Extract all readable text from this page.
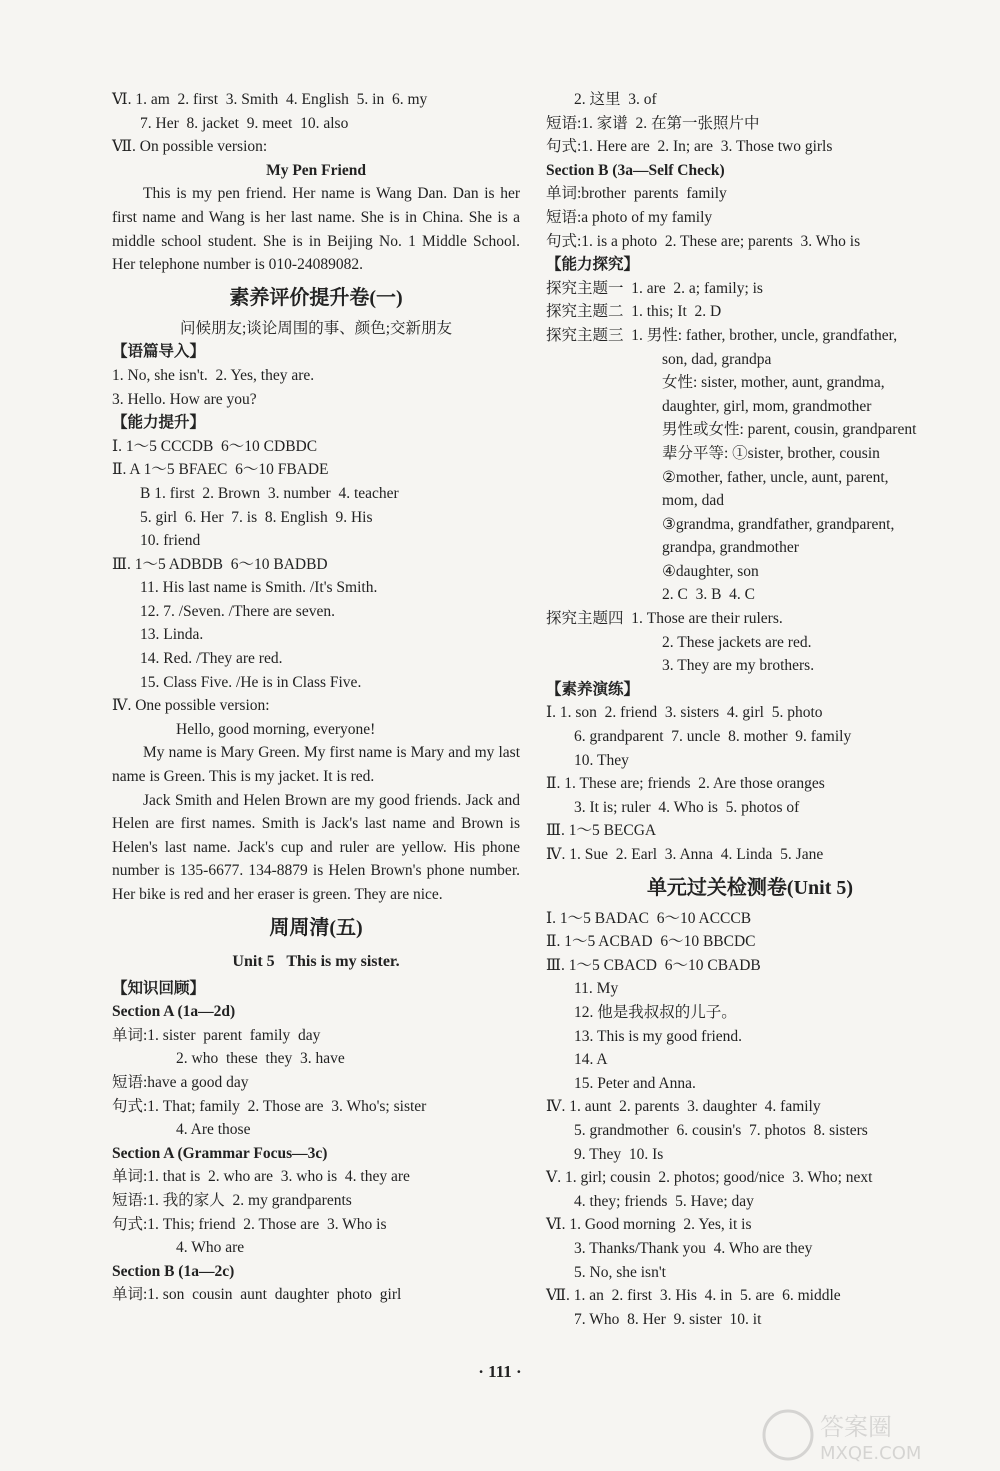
Ⅵ. 1. am  2. first  3. Smith  4. English  5. in  6. my
7. Her  8. jacket  9. meet  10. also
Ⅶ. On possible version:
My Pen Friend
This is my pen friend. Her name is Wang Dan. Dan is her first name and Wang is her last name. She is in China. She is a middle school student. She is in Beijing No. 1 Middle School. Her telephone number is 010-24089082.
素养评价提升卷(一)
问候朋友;谈论周围的事、颜色;交新朋友
【语篇导入】
1. No, she isn't.  2. Yes, they are.
3. Hello. How are you?
【能力提升】
Ⅰ. 1～5 CCCDB  6～10 CDBDC
Ⅱ. A 1～5 BFAEC  6～10 FBADE
B 1. first  2. Brown  3. number  4. teacher
5. girl  6. Her  7. is  8. English  9. His
10. friend
Ⅲ. 1～5 ADBDB  6～10 BADBD
11. His last name is Smith. /It's Smith.
12. 7. /Seven. /There are seven.
13. Linda.
14. Red. /They are red.
15. Class Five. /He is in Class Five.
Ⅳ. One possible version:
Hello, good morning, everyone!
My name is Mary Green. My first name is Mary and my last name is Green. This is my jacket. It is red.
Jack Smith and Helen Brown are my good friends. Jack and Helen are first names. Smith is Jack's last name and Brown is Helen's last name. Jack's cup and ruler are yellow. His phone number is 135-6677. 134-8879 is Helen Brown's phone number. Her bike is red and her eraser is green. They are nice.
周周清(五)
Unit 5   This is my sister.
【知识回顾】
Section A (1a—2d)
单词:1. sister  parent  family  day
2. who  these  they  3. have
短语:have a good day
句式:1. That; family  2. Those are  3. Who's; sister
4. Are those
Section A (Grammar Focus—3c)
单词:1. that is  2. who are  3. who is  4. they are
短语:1. 我的家人  2. my grandparents
句式:1. This; friend  2. Those are  3. Who is
4. Who are
Section B (1a—2c)
单词:1. son  cousin  aunt  daughter  photo  girl
2. 这里  3. of
短语:1. 家谱  2. 在第一张照片中
句式:1. Here are  2. In; are  3. Those two girls
Section B (3a—Self Check)
单词:brother  parents  family
短语:a photo of my family
句式:1. is a photo  2. These are; parents  3. Who is
【能力探究】
探究主题一  1. are  2. a; family; is
探究主题二  1. this; It  2. D
探究主题三  1. 男性: father, brother, uncle, grandfather,
son, dad, grandpa
女性: sister, mother, aunt, grandma,
daughter, girl, mom, grandmother
男性或女性: parent, cousin, grandparent
辈分平等: ①sister, brother, cousin
②mother, father, uncle, aunt, parent,
mom, dad
③grandma, grandfather, grandparent,
grandpa, grandmother
④daughter, son
2. C  3. B  4. C
探究主题四  1. Those are their rulers.
2. These jackets are red.
3. They are my brothers.
【素养演练】
Ⅰ. 1. son  2. friend  3. sisters  4. girl  5. photo
6. grandparent  7. uncle  8. mother  9. family
10. They
Ⅱ. 1. These are; friends  2. Are those oranges
3. It is; ruler  4. Who is  5. photos of
Ⅲ. 1～5 BECGA
Ⅳ. 1. Sue  2. Earl  3. Anna  4. Linda  5. Jane
单元过关检测卷(Unit 5)
Ⅰ. 1～5 BADAC  6～10 ACCCB
Ⅱ. 1～5 ACBAD  6～10 BBCDC
Ⅲ. 1～5 CBACD  6～10 CBADB
11. My
12. 他是我叔叔的儿子。
13. This is my good friend.
14. A
15. Peter and Anna.
Ⅳ. 1. aunt  2. parents  3. daughter  4. family
5. grandmother  6. cousin's  7. photos  8. sisters
9. They  10. Is
Ⅴ. 1. girl; cousin  2. photos; good/nice  3. Who; next
4. they; friends  5. Have; day
Ⅵ. 1. Good morning  2. Yes, it is
3. Thanks/Thank you  4. Who are they
5. No, she isn't
Ⅶ. 1. an  2. first  3. His  4. in  5. are  6. middle
7. Who  8. Her  9. sister  10. it
· 111 ·
答案圈
MXQE.COM
